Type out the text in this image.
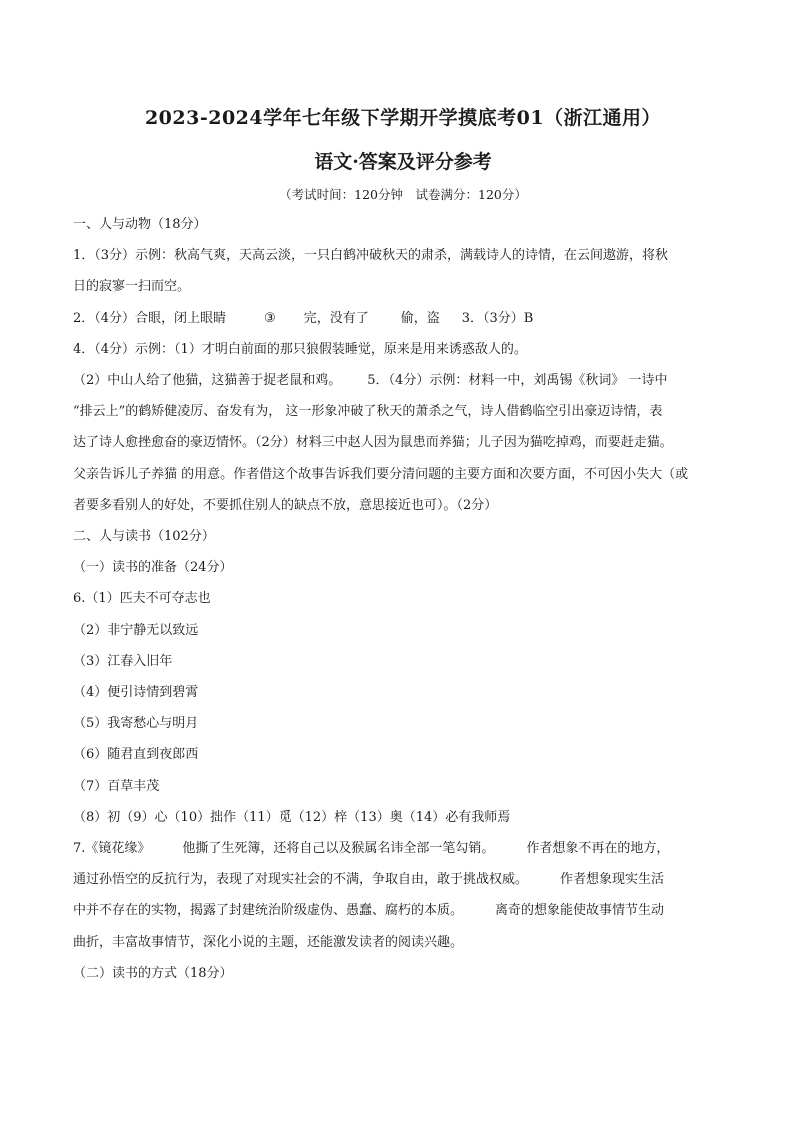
2023-2024学年七年级下学期开学摸底考01（浙江通用）
语文·答案及评分参考
（考试时间：120分钟　试卷满分：120分）
一、人与动物（18分）
1．（3分）示例：秋高气爽，天高云淡，一只白鹤冲破秋天的肃杀，满载诗人的诗情，在云间遨游，将秋
日的寂寥一扫而空。
2．（4分）合眼，闭上眼睛	③ 完，没有了 偷，盗 3．（3分）B
4．（4分）示例：（1）才明白前面的那只狼假装睡觉，原来是用来诱惑敌人的。
（2）中山人给了他猫，这猫善于捉老鼠和鸡。 5．（4分）示例：材料一中，刘禹锡《秋词》 一诗中
“排云上”的鹤矫健凌厉、奋发有为， 这一形象冲破了秋天的萧杀之气，诗人借鹤临空引出豪迈诗情，表
达了诗人愈挫愈奋的豪迈情怀。（2分）材料三中赵人因为鼠患而养猫；儿子因为猫吃掉鸡，而要赶走猫。
父亲告诉儿子养猫 的用意。作者借这个故事告诉我们要分清问题的主要方面和次要方面，不可因小失大（或
者要多看别人的好处，不要抓住别人的缺点不放，意思接近也可）。（2分）
二、人与读书（102分）
（一）读书的准备（24分）
6.（1）匹夫不可夺志也
（2）非宁静无以致远
（3）江春入旧年
（4）便引诗情到碧霄
（5）我寄愁心与明月
（6）随君直到夜郎西
（7）百草丰茂
（8）初（9）心（10）拙作（11）觅（12）梓（13）奥（14）必有我师焉
7.《镜花缘》 他撕了生死簿，还将自己以及猴属名讳全部一笔勾销。 作者想象不再在的地方，
通过孙悟空的反抗行为，表现了对现实社会的不满，争取自由，敢于挑战权威。 作者想象现实生活
中并不存在的实物，揭露了封建统治阶级虚伪、愚蠢、腐朽的本质。 离奇的想象能使故事情节生动
曲折，丰富故事情节，深化小说的主题，还能激发读者的阅读兴趣。
（二）读书的方式（18分）
